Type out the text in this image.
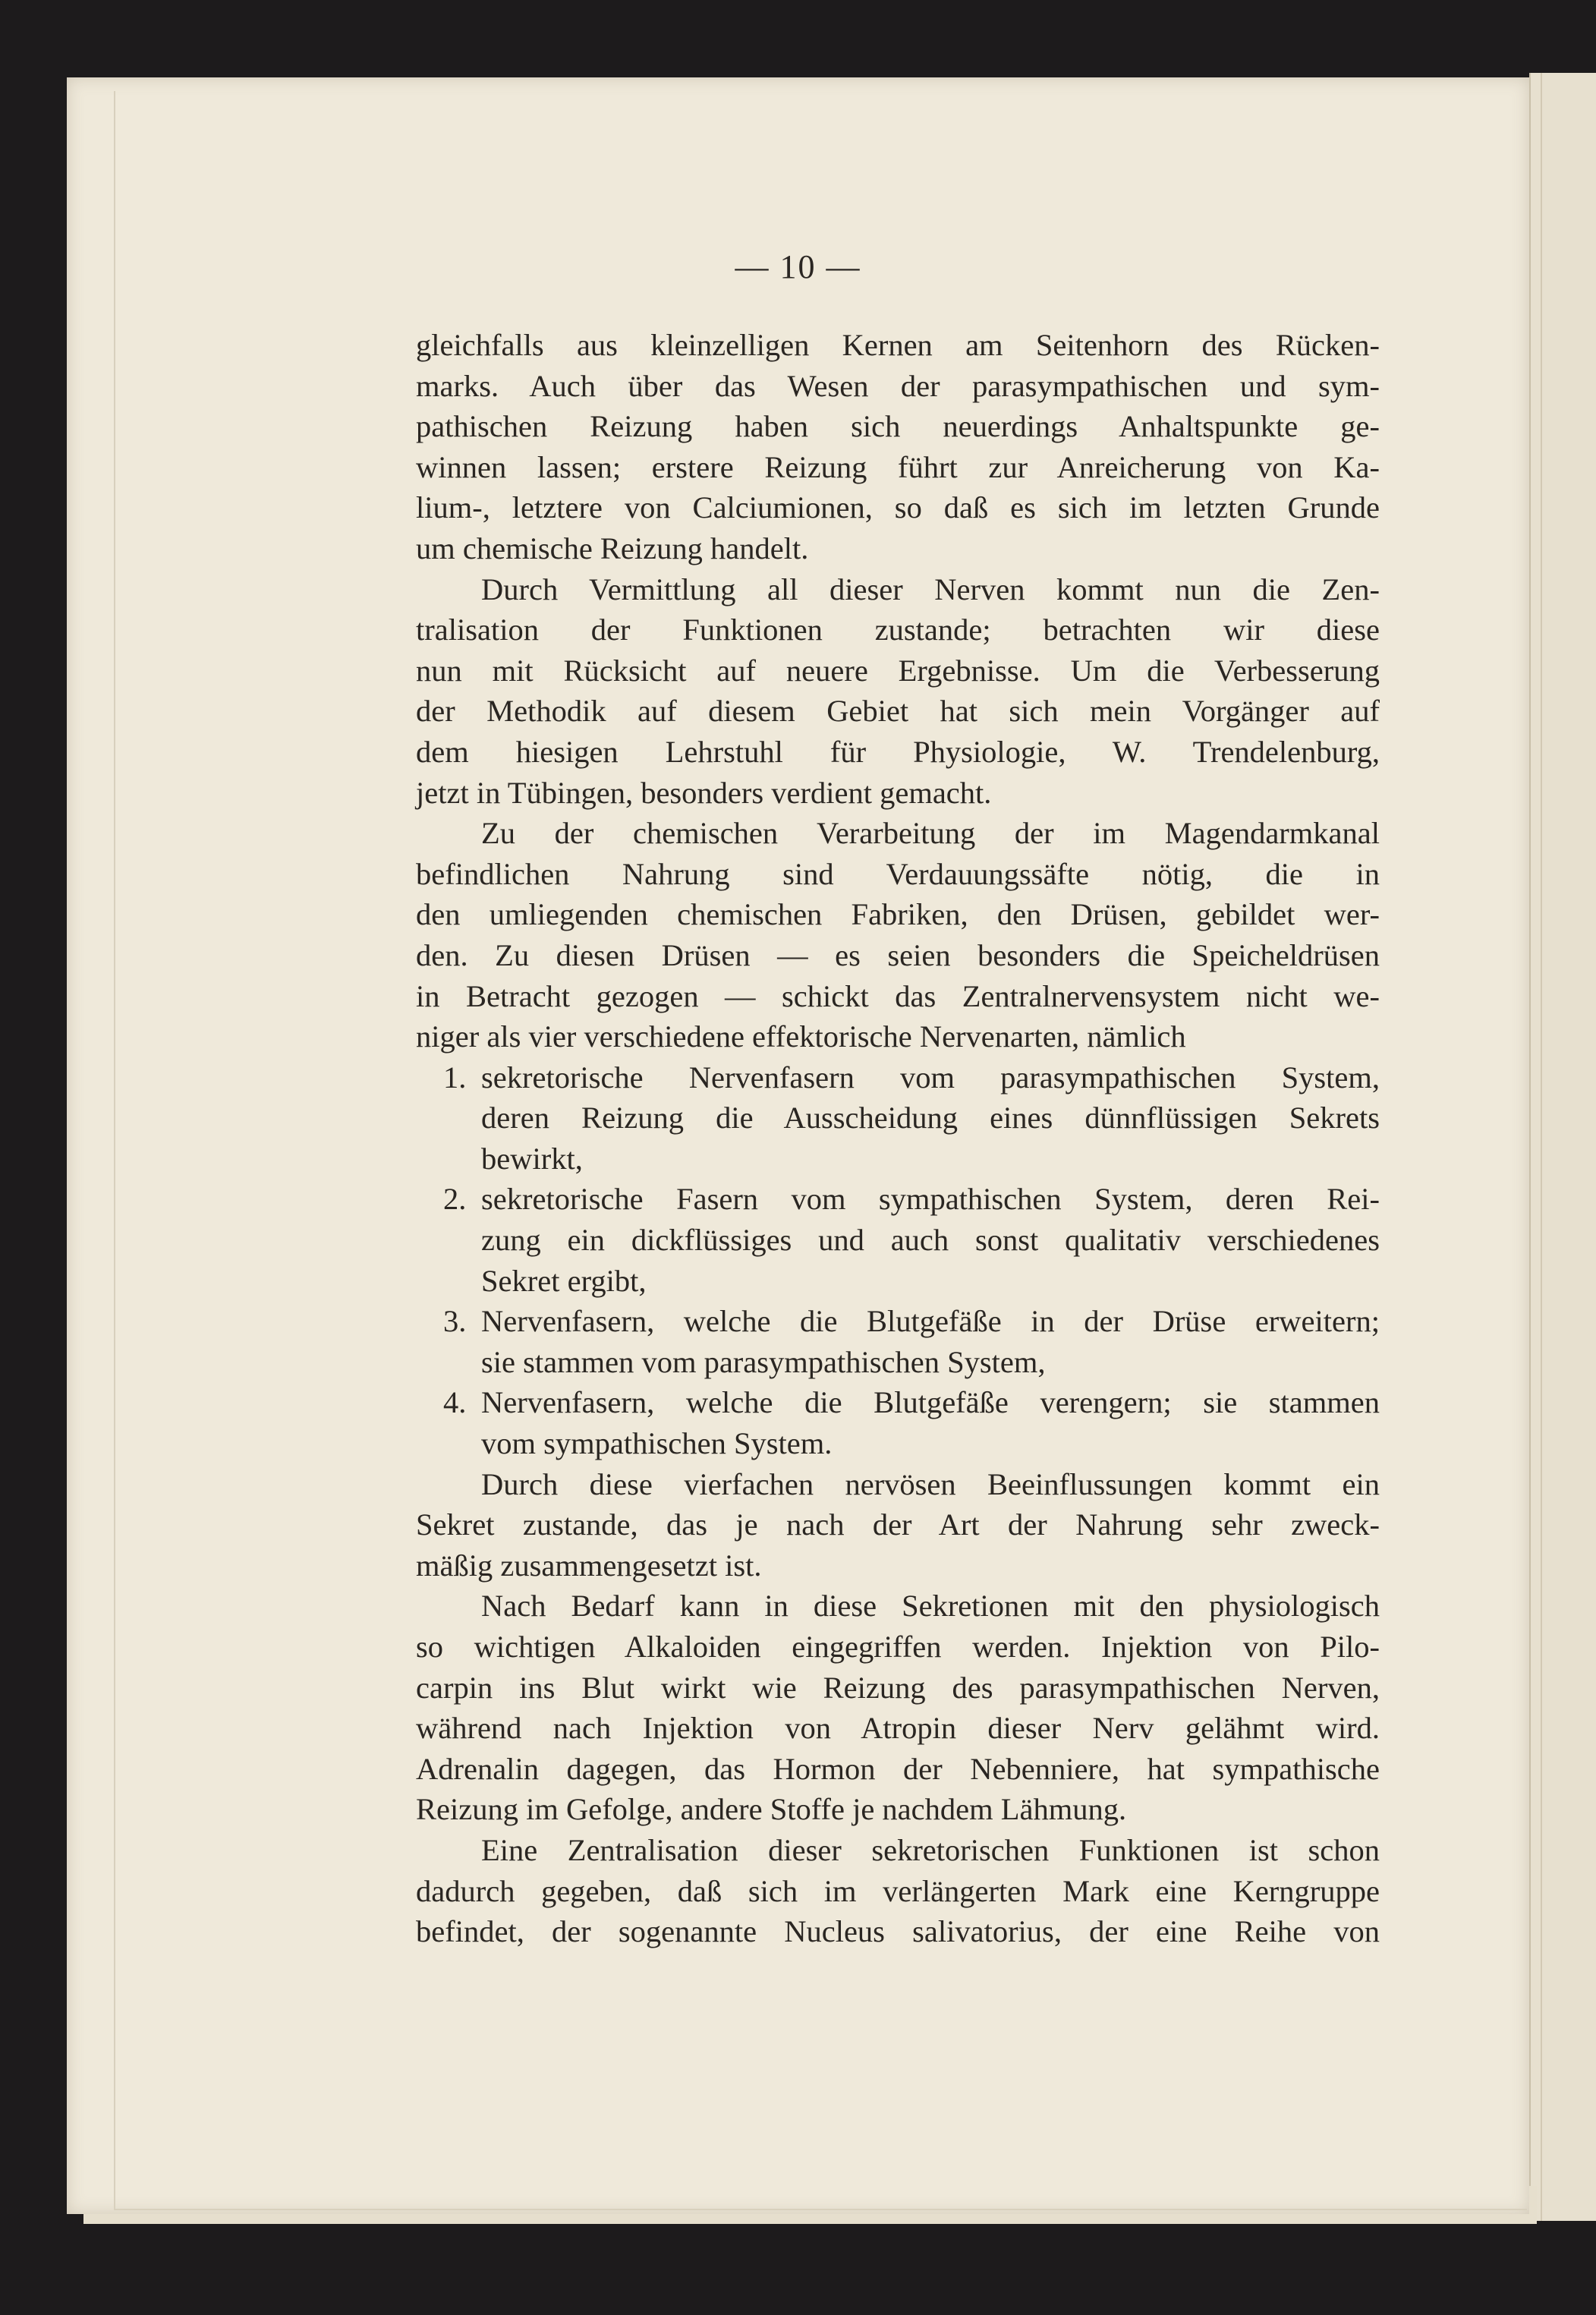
— 10 —
gleichfalls aus kleinzelligen Kernen am Seitenhorn des Rücken-
marks. Auch über das Wesen der parasympathischen und sym-
pathischen Reizung haben sich neuerdings Anhaltspunkte ge-
winnen lassen; erstere Reizung führt zur Anreicherung von Ka-
lium-, letztere von Calciumionen, so daß es sich im letzten Grunde
um chemische Reizung handelt.
Durch Vermittlung all dieser Nerven kommt nun die Zen-
tralisation der Funktionen zustande; betrachten wir diese
nun mit Rücksicht auf neuere Ergebnisse. Um die Verbesserung
der Methodik auf diesem Gebiet hat sich mein Vorgänger auf
dem hiesigen Lehrstuhl für Physiologie, W. Trendelenburg,
jetzt in Tübingen, besonders verdient gemacht.
Zu der chemischen Verarbeitung der im Magendarmkanal
befindlichen Nahrung sind Verdauungssäfte nötig, die in
den umliegenden chemischen Fabriken, den Drüsen, gebildet wer-
den. Zu diesen Drüsen — es seien besonders die Speicheldrüsen
in Betracht gezogen — schickt das Zentralnervensystem nicht we-
niger als vier verschiedene effektorische Nervenarten, nämlich
1. sekretorische Nervenfasern vom parasympathischen System,
deren Reizung die Ausscheidung eines dünnflüssigen Sekrets
bewirkt,
2. sekretorische Fasern vom sympathischen System, deren Rei-
zung ein dickflüssiges und auch sonst qualitativ verschiedenes
Sekret ergibt,
3. Nervenfasern, welche die Blutgefäße in der Drüse erweitern;
sie stammen vom parasympathischen System,
4. Nervenfasern, welche die Blutgefäße verengern; sie stammen
vom sympathischen System.
Durch diese vierfachen nervösen Beeinflussungen kommt ein
Sekret zustande, das je nach der Art der Nahrung sehr zweck-
mäßig zusammengesetzt ist.
Nach Bedarf kann in diese Sekretionen mit den physiologisch
so wichtigen Alkaloiden eingegriffen werden. Injektion von Pilo-
carpin ins Blut wirkt wie Reizung des parasympathischen Nerven,
während nach Injektion von Atropin dieser Nerv gelähmt wird.
Adrenalin dagegen, das Hormon der Nebenniere, hat sympathische
Reizung im Gefolge, andere Stoffe je nachdem Lähmung.
Eine Zentralisation dieser sekretorischen Funktionen ist schon
dadurch gegeben, daß sich im verlängerten Mark eine Kerngruppe
befindet, der sogenannte Nucleus salivatorius, der eine Reihe von
